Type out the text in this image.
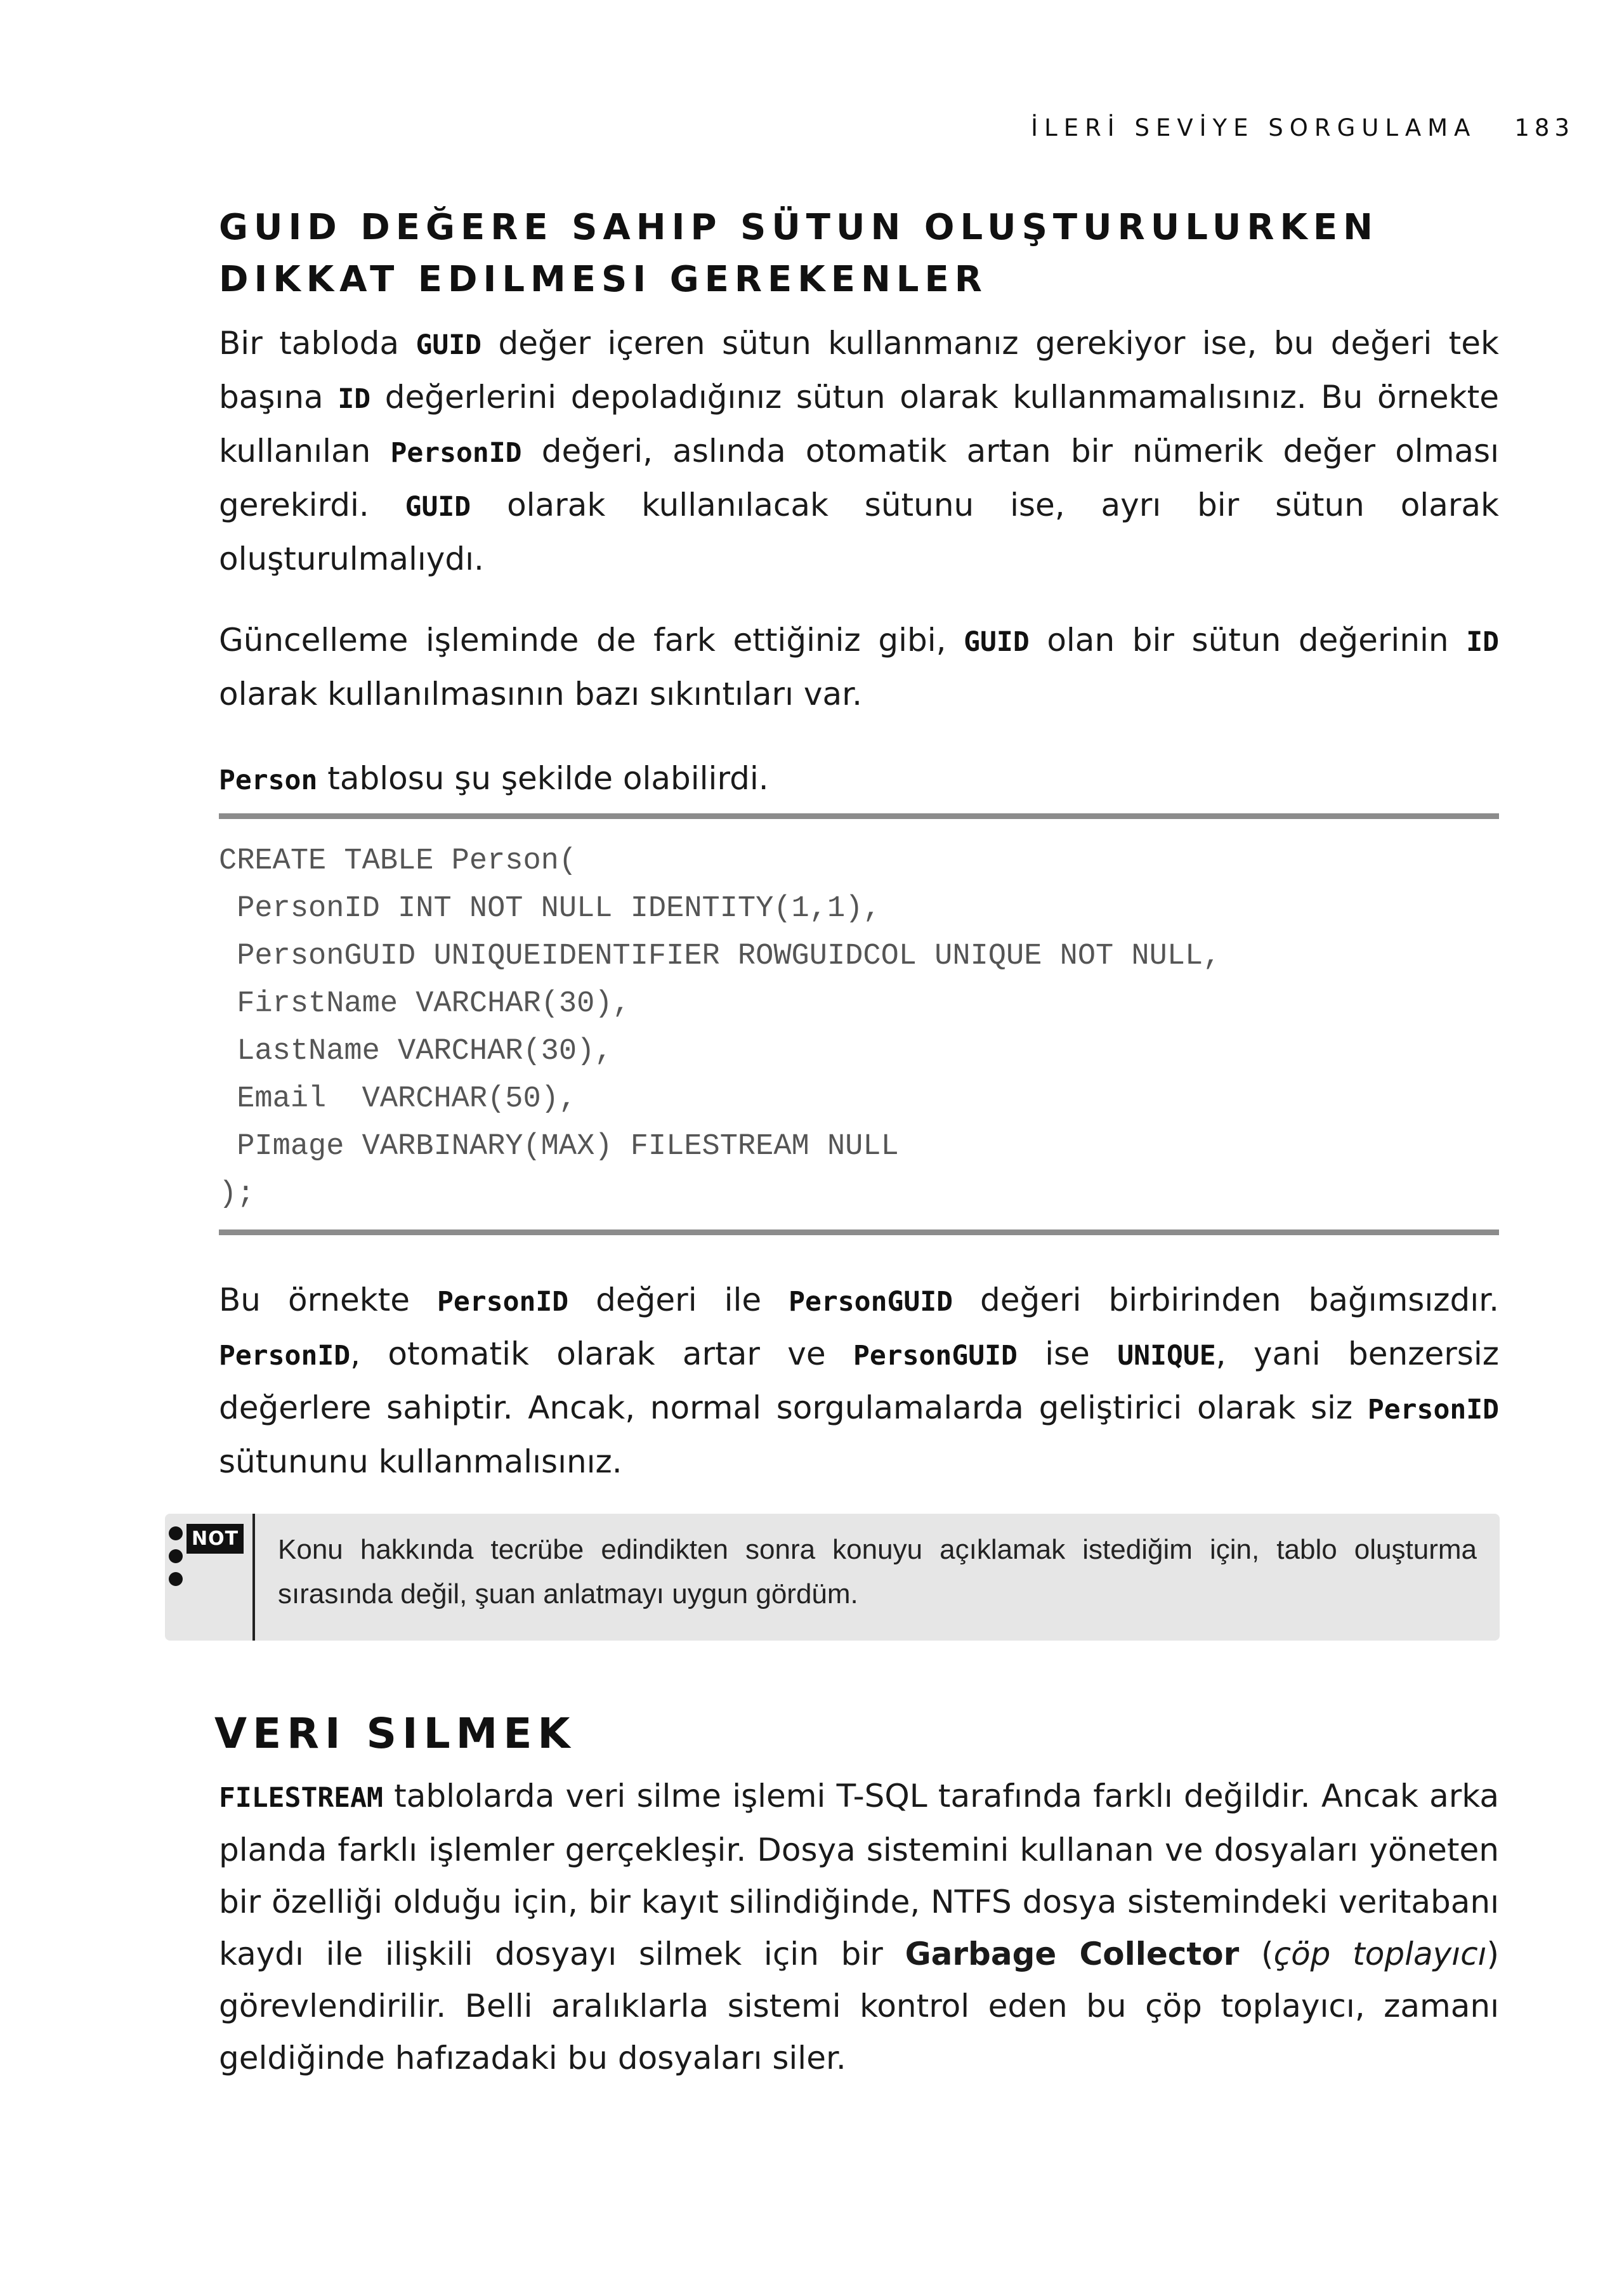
İLERİ SEVİYE SORGULAMA 183
GUID DEĞERE SAHIP SÜTUN OLUŞTURULURKEN DIKKAT EDILMESI GEREKENLER

Bir tabloda GUID değer içeren sütun kullanmanız gerekiyor ise, bu değeri tek başına ID değerlerini depoladığınız sütun olarak kullanmamalısınız. Bu örnekte kullanılan PersonID değeri, aslında otomatik artan bir nümerik değer olması gerekirdi. GUID olarak kullanılacak sütunu ise, ayrı bir sütun olarak oluşturulmalıydı.

Güncelleme işleminde de fark ettiğiniz gibi, GUID olan bir sütun değerinin ID olarak kullanılmasının bazı sıkıntıları var.

Person tablosu şu şekilde olabilirdi.

CREATE TABLE Person(
PersonID INT NOT NULL IDENTITY(1,1),
PersonGUID UNIQUEIDENTIFIER ROWGUIDCOL UNIQUE NOT NULL,
FirstName VARCHAR(30),
LastName VARCHAR(30),
Email  VARCHAR(50),
PImage VARBINARY(MAX) FILESTREAM NULL
);

Bu örnekte PersonID değeri ile PersonGUID değeri birbirinden bağımsızdır. PersonID, otomatik olarak artar ve PersonGUID ise UNIQUE, yani benzersiz değerlere sahiptir. Ancak, normal sorgulamalarda geliştirici olarak siz PersonID sütununu kullanmalısınız.

NOT Konu hakkında tecrübe edindikten sonra konuyu açıklamak istediğim için, tablo oluşturma sırasında değil, şuan anlatmayı uygun gördüm.

VERI SILMEK

FILESTREAM tablolarda veri silme işlemi T-SQL tarafında farklı değildir. Ancak arka planda farklı işlemler gerçekleşir. Dosya sistemini kullanan ve dosyaları yöneten bir özelliği olduğu için, bir kayıt silindiğinde, NTFS dosya sistemindeki veritabanı kaydı ile ilişkili dosyayı silmek için bir Garbage Collector (çöp toplayıcı) görevlendirilir. Belli aralıklarla sistemi kontrol eden bu çöp toplayıcı, zamanı geldiğinde hafızadaki bu dosyaları siler.
